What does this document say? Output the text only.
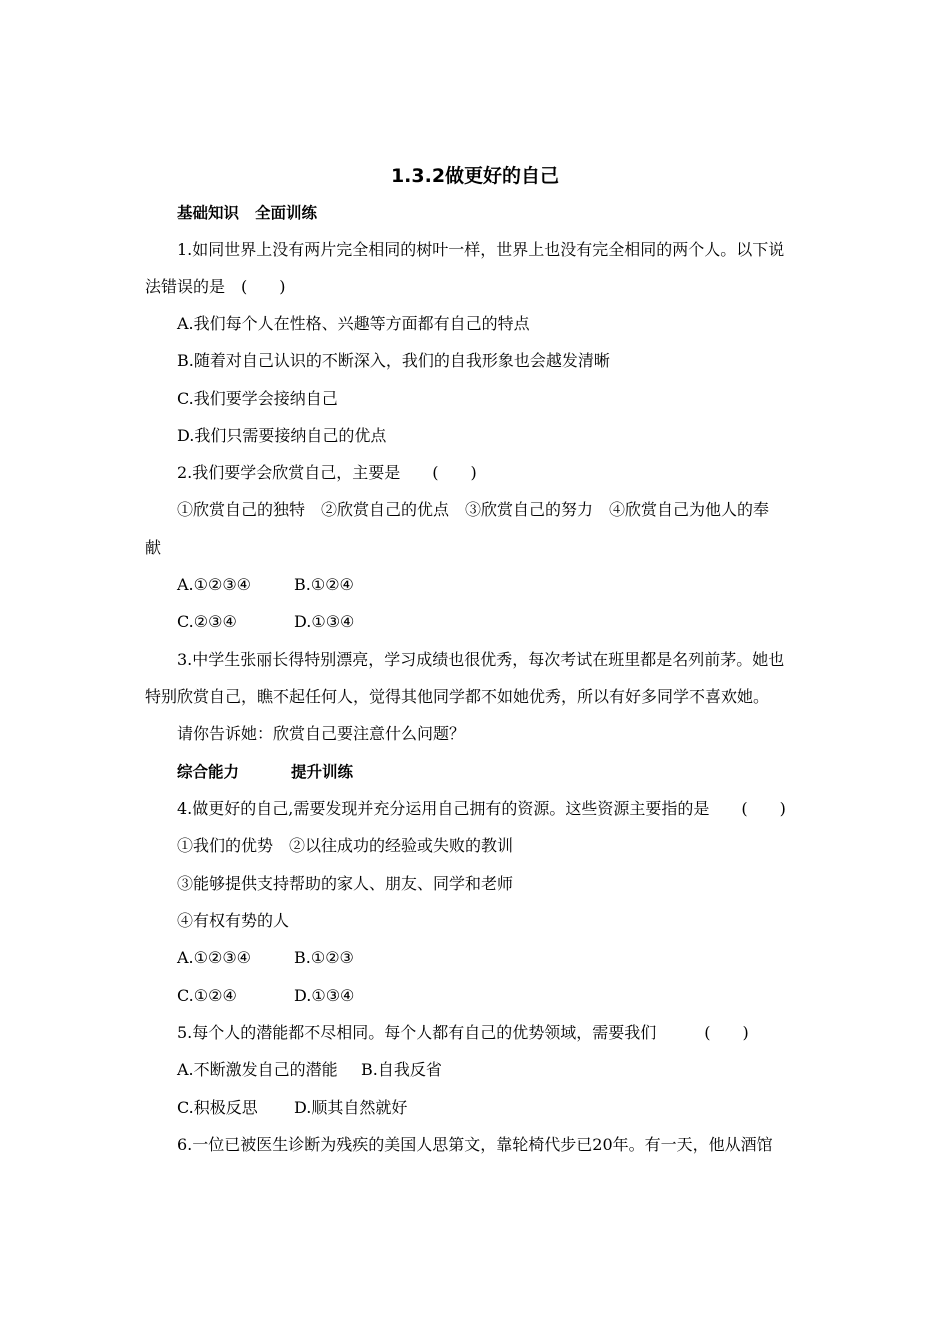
1.3.2做更好的自己
基础知识 全面训练
1.如同世界上没有两片完全相同的树叶一样，世界上也没有完全相同的两个人。以下说
法错误的是　(　　)
A.我们每个人在性格、兴趣等方面都有自己的特点
B.随着对自己认识的不断深入，我们的自我形象也会越发清晰
C.我们要学会接纳自己
D.我们只需要接纳自己的优点
2.我们要学会欣赏自己，主要是　　(　　)
①欣赏自己的独特　②欣赏自己的优点　③欣赏自己的努力　④欣赏自己为他人的奉
献
A.①②③④	B.①②④
C.②③④	D.①③④
3.中学生张丽长得特别漂亮，学习成绩也很优秀，每次考试在班里都是名列前茅。她也
特别欣赏自己，瞧不起任何人，觉得其他同学都不如她优秀，所以有好多同学不喜欢她。
请你告诉她：欣赏自己要注意什么问题？
综合能力	提升训练
4.做更好的自己,需要发现并充分运用自己拥有的资源。这些资源主要指的是　　(　　)
①我们的优势　②以往成功的经验或失败的教训
③能够提供支持帮助的家人、朋友、同学和老师
④有权有势的人
A.①②③④	B.①②③
C.①②④	D.①③④
5.每个人的潜能都不尽相同。每个人都有自己的优势领域，需要我们　　　(　　)
A.不断激发自己的潜能 B.自我反省
C.积极反思 D.顺其自然就好
6.一位已被医生诊断为残疾的美国人思第文，靠轮椅代步已20年。有一天，他从酒馆
